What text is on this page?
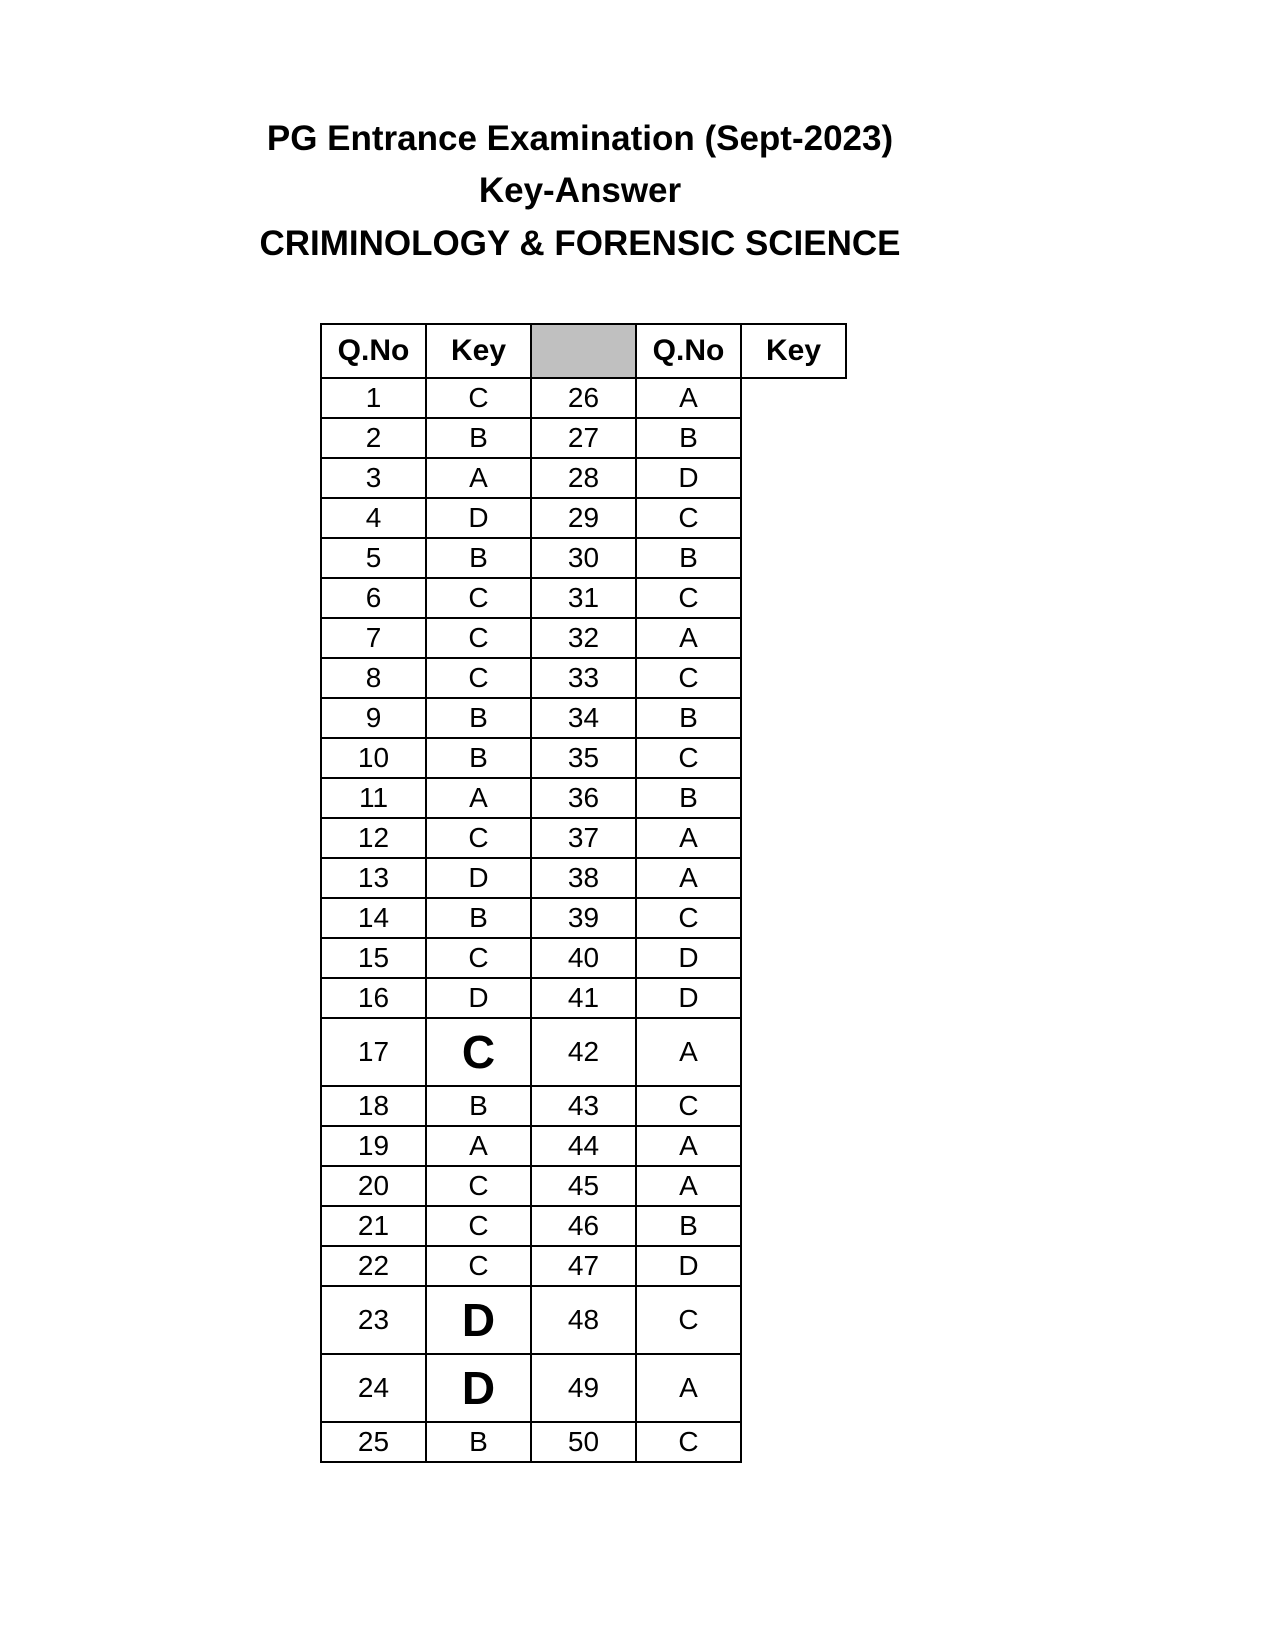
PG Entrance Examination (Sept-2023)
Key-Answer
CRIMINOLOGY & FORENSIC SCIENCE
Q.No	Key		Q.No	Key
1	C	26	A	
2	B	27	B	
3	A	28	D	
4	D	29	C	
5	B	30	B	
6	C	31	C	
7	C	32	A	
8	C	33	C	
9	B	34	B	
10	B	35	C	
11	A	36	B	
12	C	37	A	
13	D	38	A	
14	B	39	C	
15	C	40	D	
16	D	41	D	
17	C	42	A	
18	B	43	C	
19	A	44	A	
20	C	45	A	
21	C	46	B	
22	C	47	D	
23	D	48	C	
24	D	49	A	
25	B	50	C	
